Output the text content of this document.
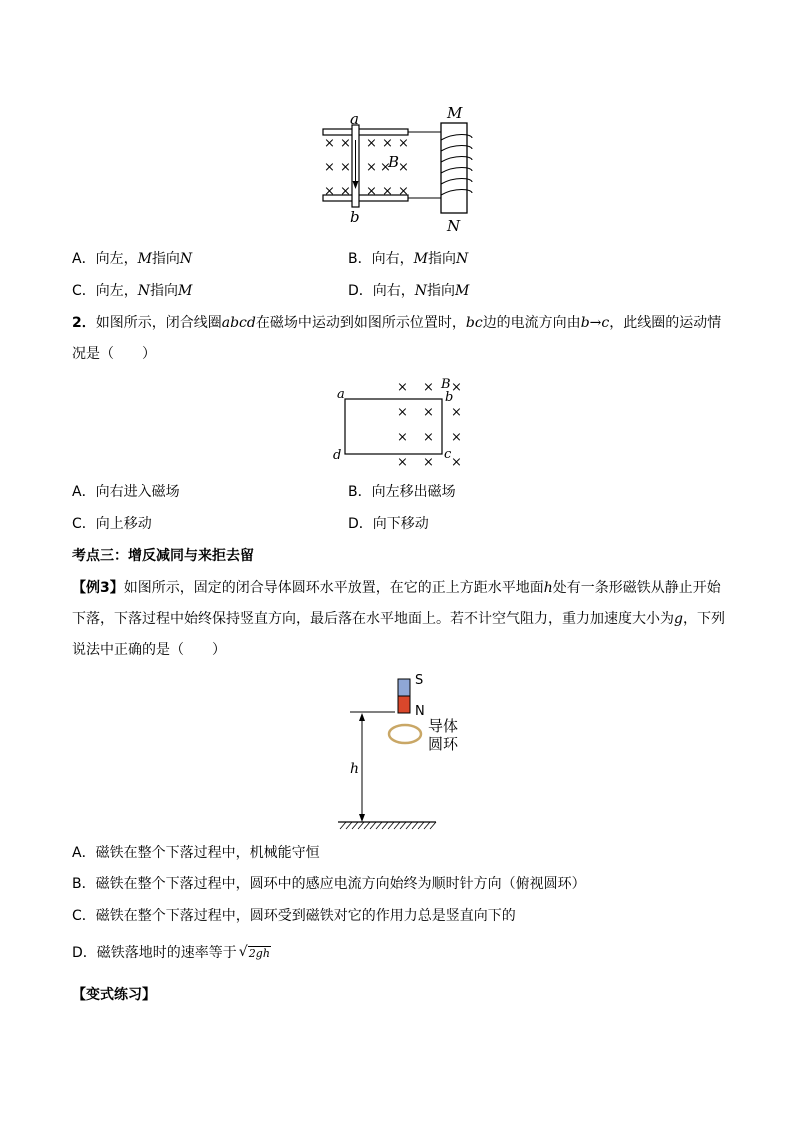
× × × × ×
× × × × ×
× × × × ×
a
b
B
M
N
A．向左，M指向N	B．向右，M指向N
C．向左，N指向M	D．向右，N指向M
2．如图所示，闭合线圈abcd在磁场中运动到如图所示位置时，bc边的电流方向由b→c，此线圈的运动情
况是（　　）
× × ×
× × ×
× × ×
× × ×
a	b
B
c
d
A．向右进入磁场	B．向左移出磁场
C．向上移动	D．向下移动
考点三：增反减同与来拒去留
【例3】如图所示，固定的闭合导体圆环水平放置，在它的正上方距水平地面h处有一条形磁铁从静止开始
下落，下落过程中始终保持竖直方向，最后落在水平地面上。若不计空气阻力，重力加速度大小为g，下列
说法中正确的是（　　）
S
N
导体
圆环
h
A．磁铁在整个下落过程中，机械能守恒
B．磁铁在整个下落过程中，圆环中的感应电流方向始终为顺时针方向（俯视圆环）
C．磁铁在整个下落过程中，圆环受到磁铁对它的作用力总是竖直向下的
D．磁铁落地时的速率等于 √ 2gh
【变式练习】
